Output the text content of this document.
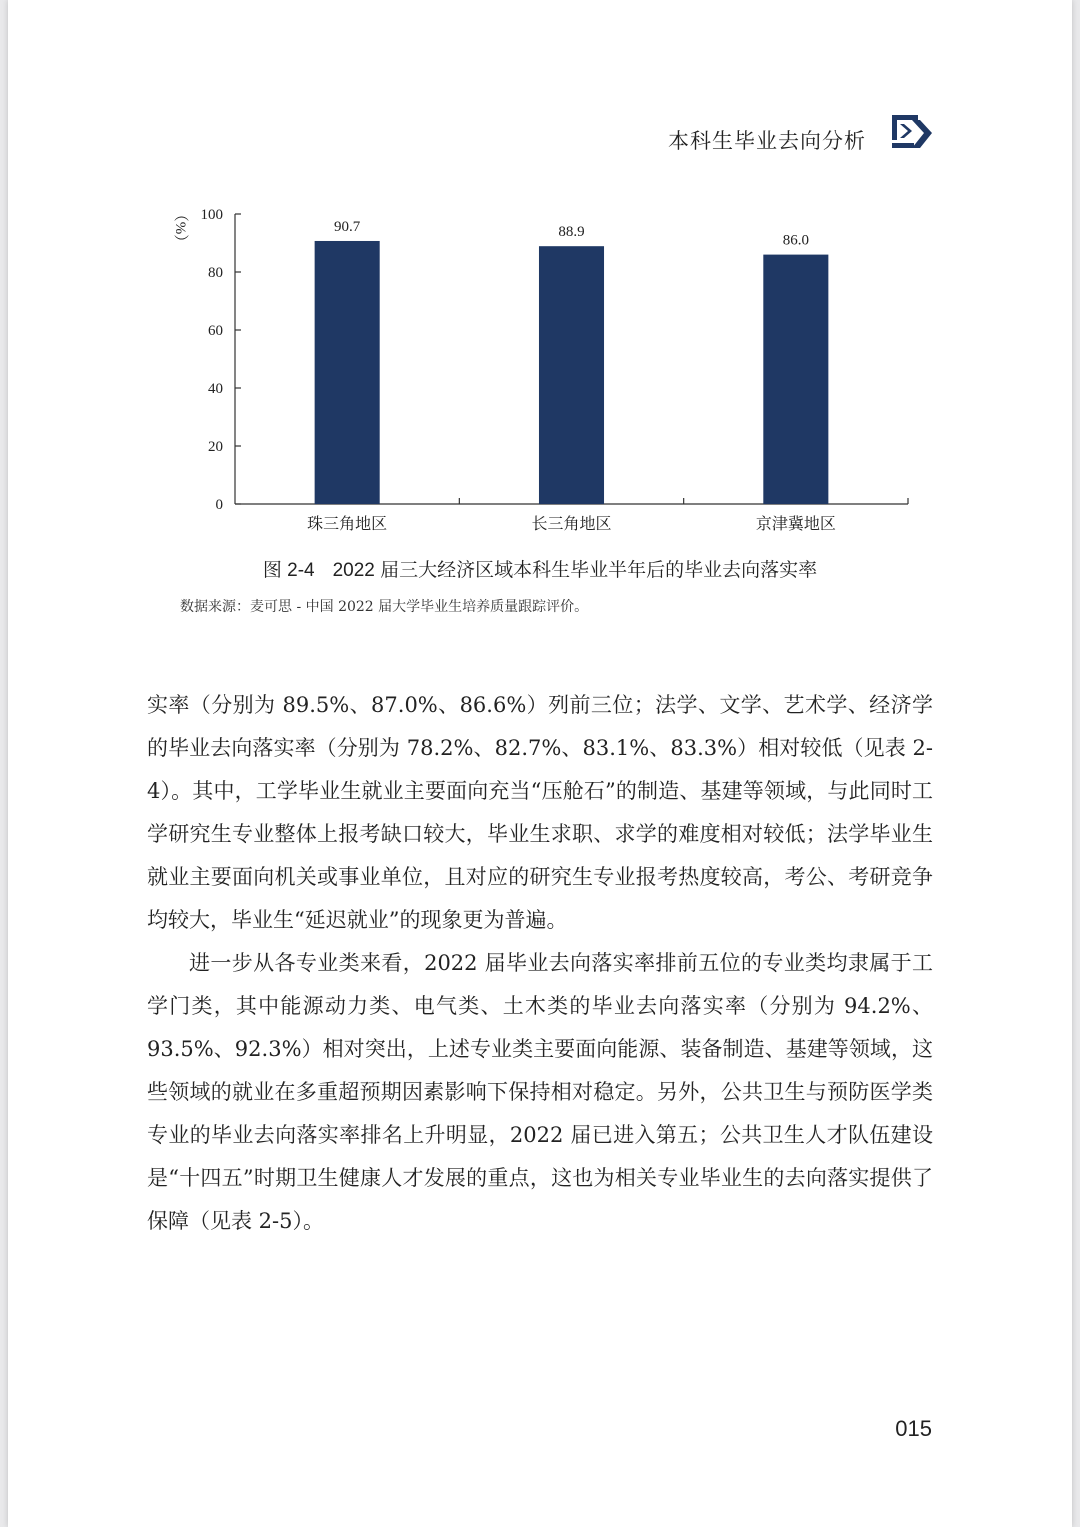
本科生毕业去向分析
（%）
0
20
40
60
80
100
90.7
珠三角地区
88.9
长三角地区
86.0
京津冀地区
图 2-4 2022 届三大经济区域本科生毕业半年后的毕业去向落实率
数据来源：麦可思 - 中国 2022 届大学毕业生培养质量跟踪评价。

实率（分别为 89.5%、87.0%、86.6%）列前三位；法学、文学、艺术学、经济学的毕业去向落实率（分别为 78.2%、82.7%、83.1%、83.3%）相对较低（见表 2-4）。其中，工学毕业生就业主要面向充当“压舱石”的制造、基建等领域，与此同时工学研究生专业整体上报考缺口较大，毕业生求职、求学的难度相对较低；法学毕业生就业主要面向机关或事业单位，且对应的研究生专业报考热度较高，考公、考研竞争均较大，毕业生“延迟就业”的现象更为普遍。

进一步从各专业类来看，2022 届毕业去向落实率排前五位的专业类均隶属于工学门类，其中能源动力类、电气类、土木类的毕业去向落实率（分别为 94.2%、93.5%、92.3%）相对突出，上述专业类主要面向能源、装备制造、基建等领域，这些领域的就业在多重超预期因素影响下保持相对稳定。另外，公共卫生与预防医学类专业的毕业去向落实率排名上升明显，2022 届已进入第五；公共卫生人才队伍建设是“十四五”时期卫生健康人才发展的重点，这也为相关专业毕业生的去向落实提供了保障（见表 2-5）。

015
